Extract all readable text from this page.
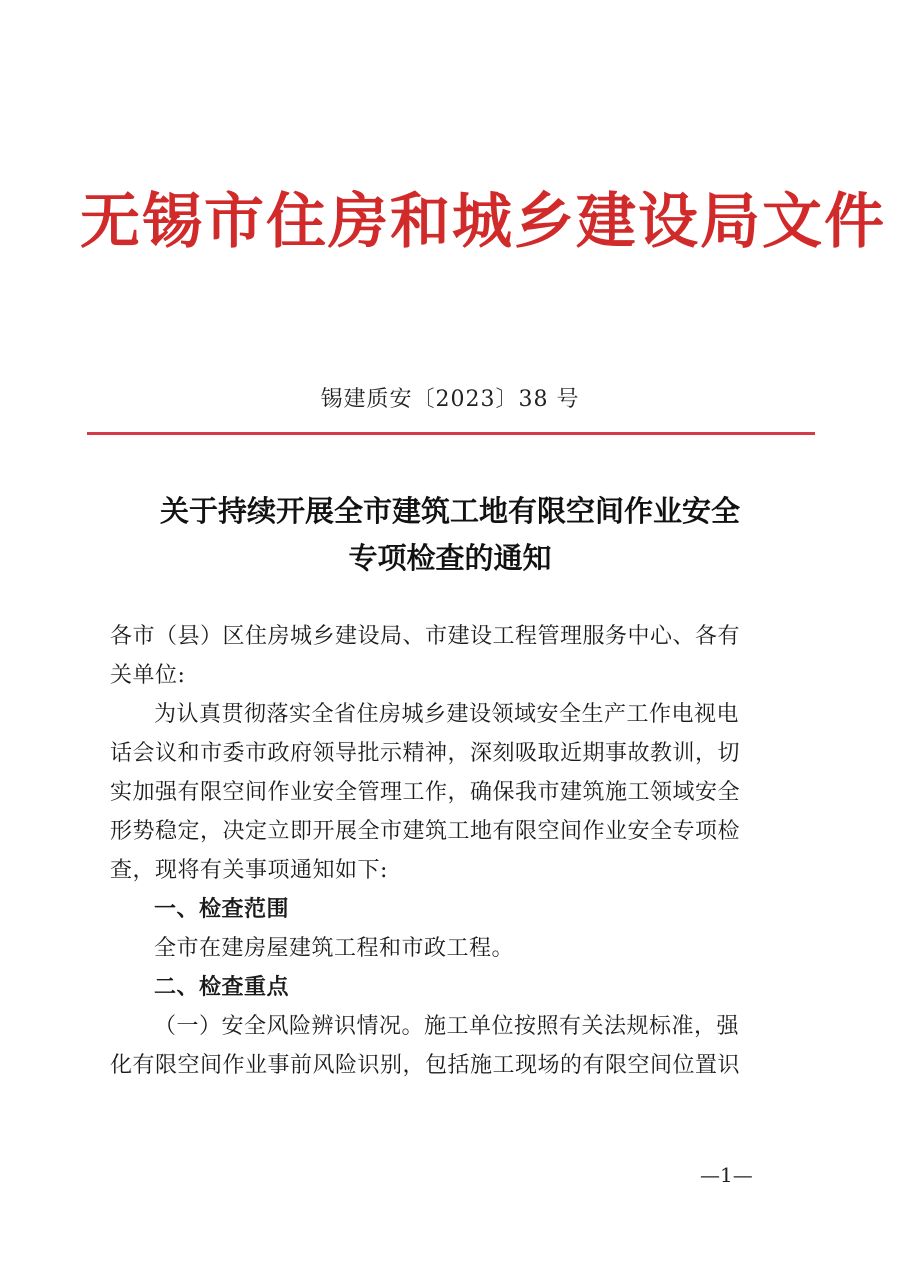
无锡市住房和城乡建设局文件
锡建质安〔2023〕38 号
关于持续开展全市建筑工地有限空间作业安全
专项检查的通知
各市（县）区住房城乡建设局、市建设工程管理服务中心、各有
关单位:
为认真贯彻落实全省住房城乡建设领域安全生产工作电视电
话会议和市委市政府领导批示精神，深刻吸取近期事故教训，切
实加强有限空间作业安全管理工作，确保我市建筑施工领域安全
形势稳定，决定立即开展全市建筑工地有限空间作业安全专项检
查，现将有关事项通知如下:
一、检查范围
全市在建房屋建筑工程和市政工程。
二、检查重点
（一）安全风险辨识情况。施工单位按照有关法规标准，强
化有限空间作业事前风险识别，包括施工现场的有限空间位置识
—1—
